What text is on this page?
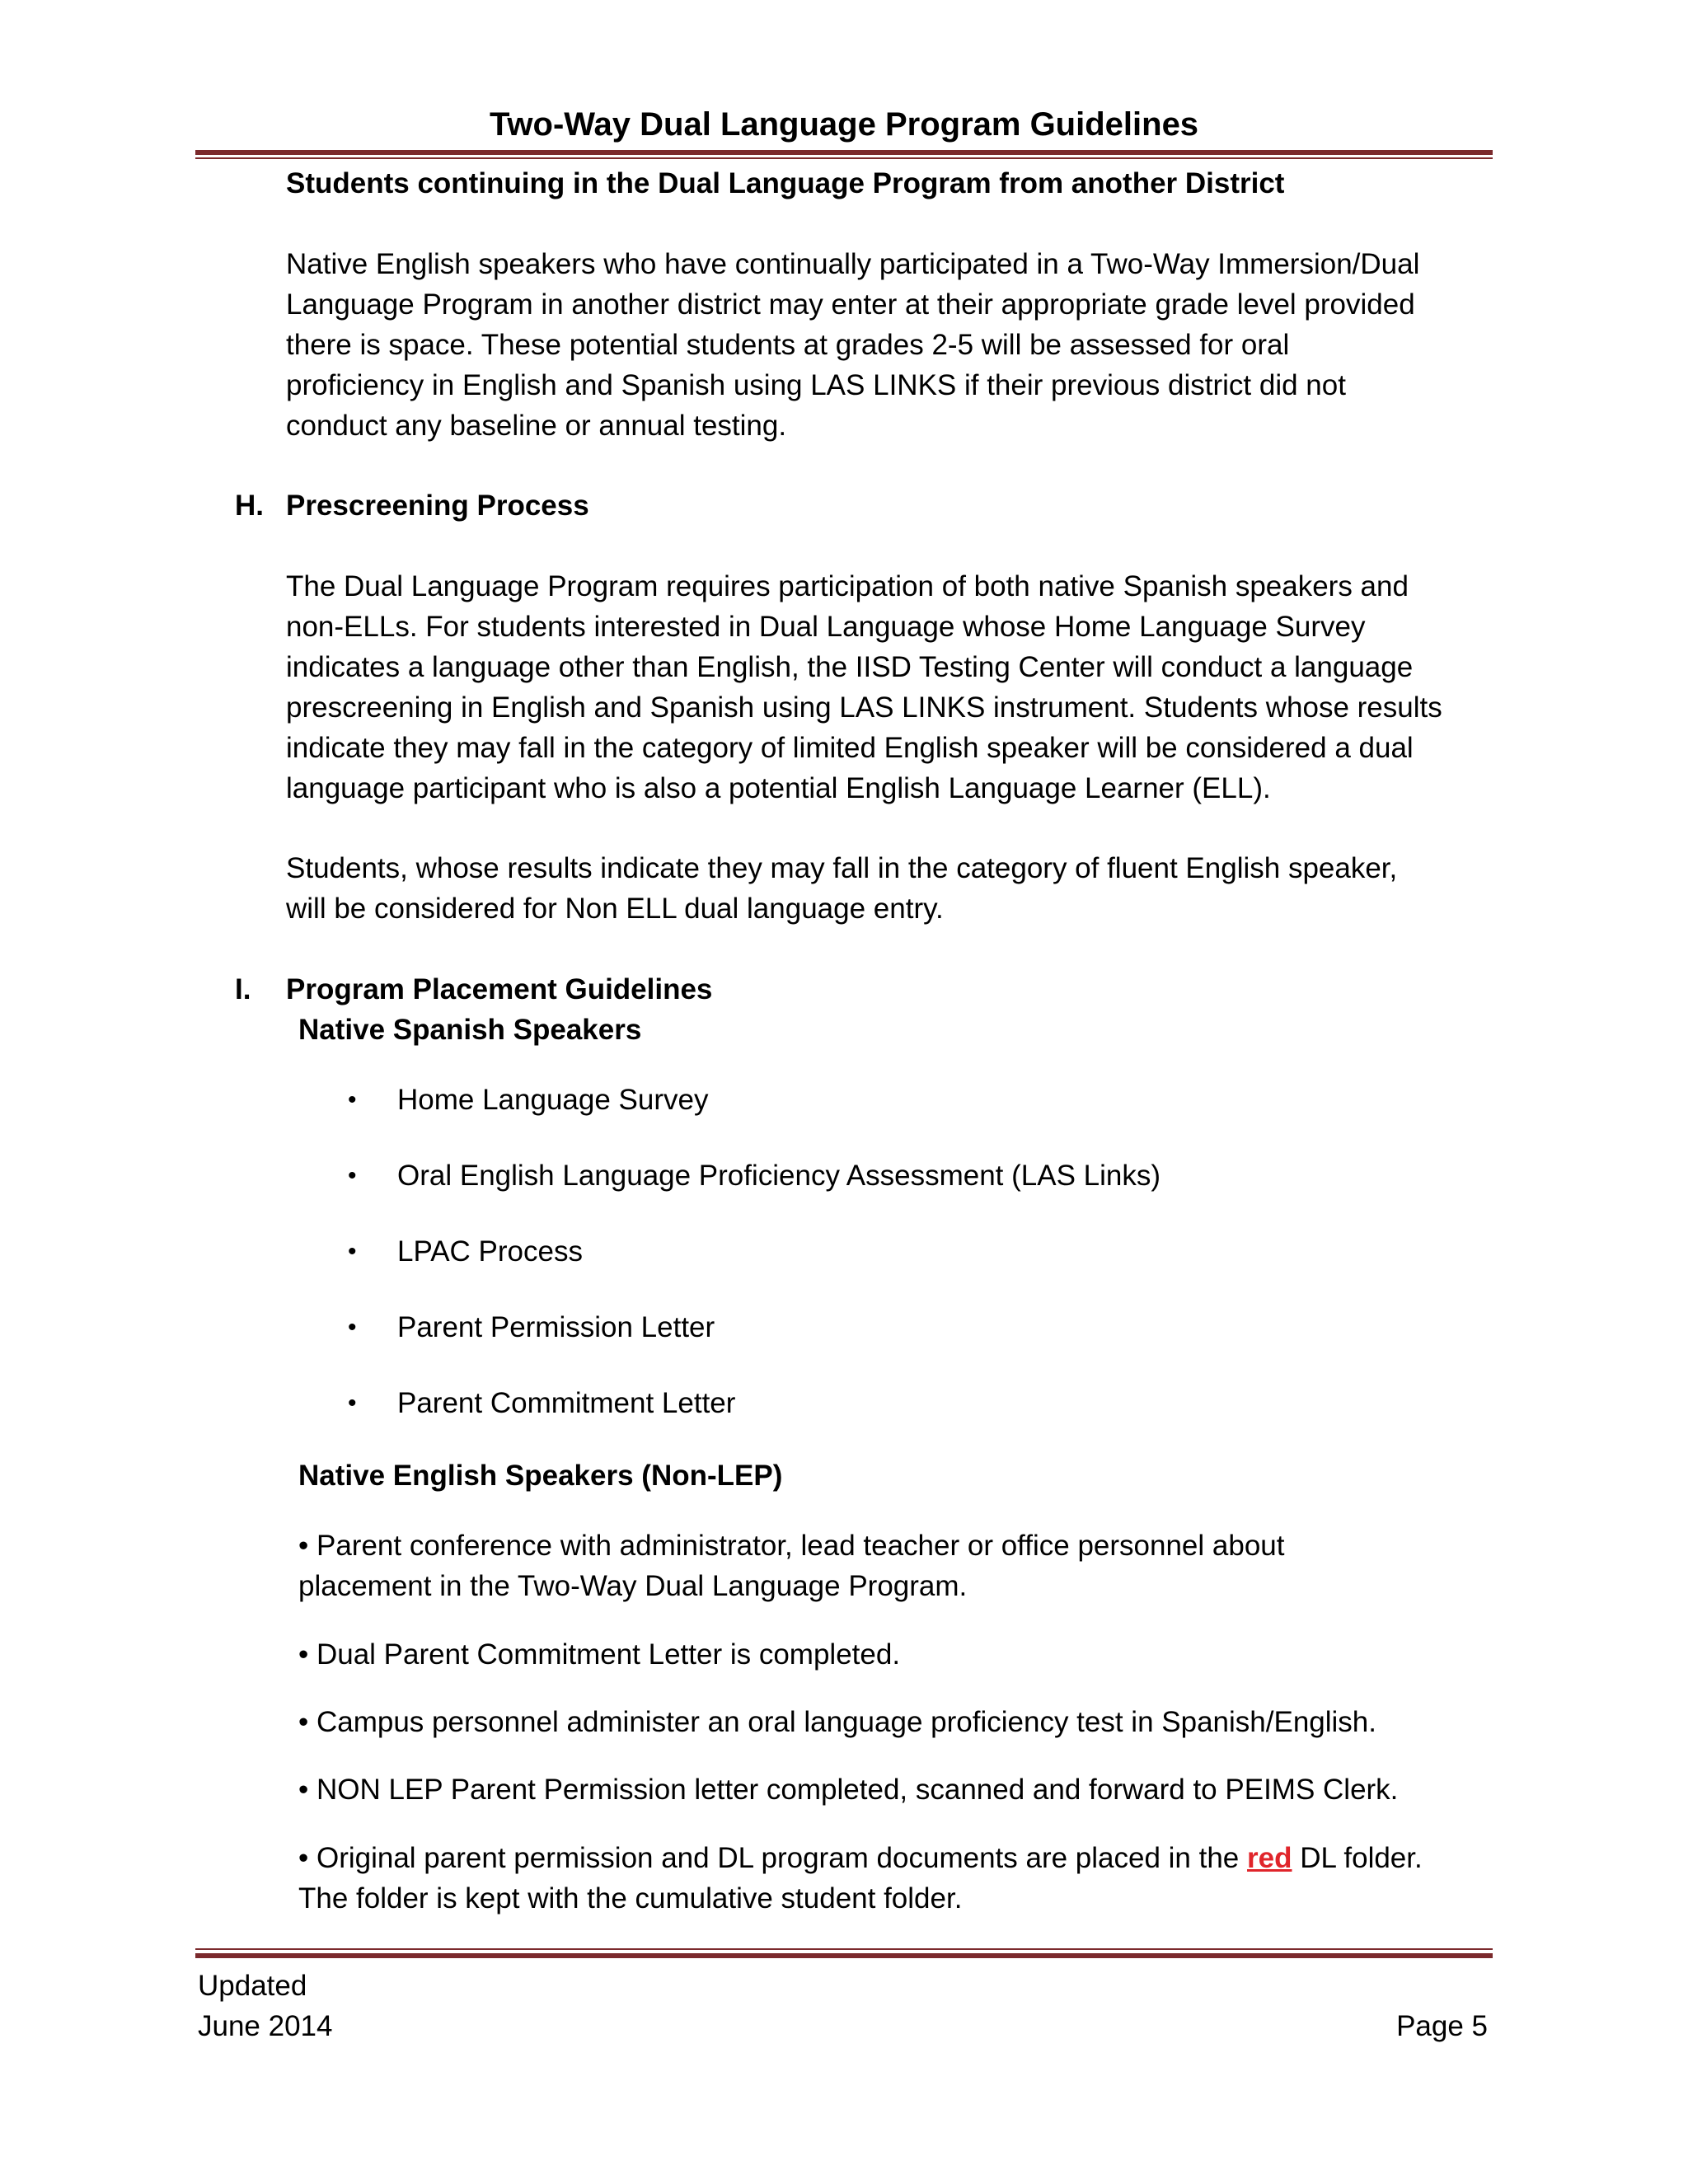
Two-Way Dual Language Program Guidelines
Students continuing in the Dual Language Program from another District
Native English speakers who have continually participated in a Two-Way Immersion/Dual
Language Program in another district may enter at their appropriate grade level provided
there is space. These potential students at grades 2-5 will be assessed for oral
proficiency in English and Spanish using LAS LINKS if their previous district did not
conduct any baseline or annual testing.
H. Prescreening Process
The Dual Language Program requires participation of both native Spanish speakers and
non-ELLs. For students interested in Dual Language whose Home Language Survey
indicates a language other than English, the IISD Testing Center will conduct a language
prescreening in English and Spanish using LAS LINKS instrument. Students whose results
indicate they may fall in the category of limited English speaker will be considered a dual
language participant who is also a potential English Language Learner (ELL).
Students, whose results indicate they may fall in the category of fluent English speaker,
will be considered for Non ELL dual language entry.
I. Program Placement Guidelines
Native Spanish Speakers
• Home Language Survey
• Oral English Language Proficiency Assessment (LAS Links)
• LPAC Process
• Parent Permission Letter
• Parent Commitment Letter
Native English Speakers (Non-LEP)
• Parent conference with administrator, lead teacher or office personnel about
placement in the Two-Way Dual Language Program.
• Dual Parent Commitment Letter is completed.
• Campus personnel administer an oral language proficiency test in Spanish/English.
• NON LEP Parent Permission letter completed, scanned and forward to PEIMS Clerk.
• Original parent permission and DL program documents are placed in the red DL folder.
The folder is kept with the cumulative student folder.
Updated
June 2014	Page 5
